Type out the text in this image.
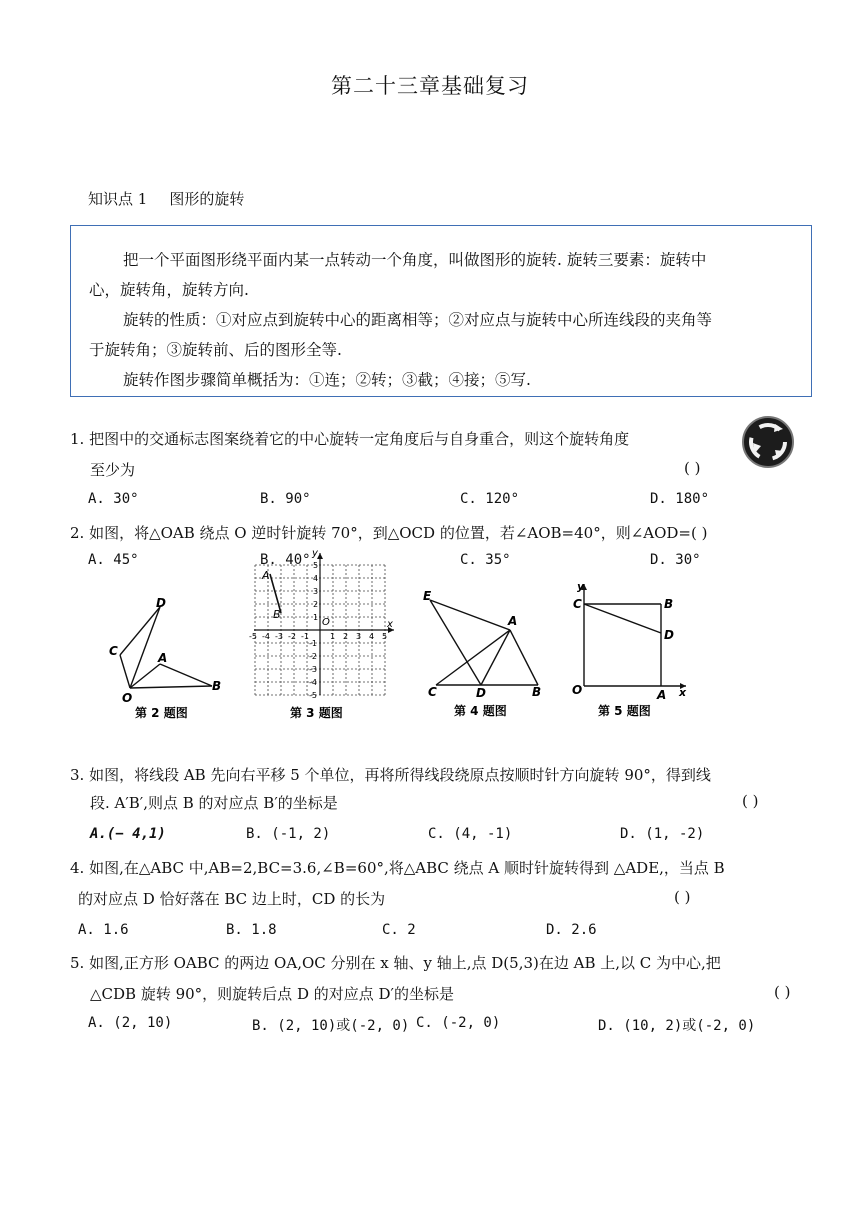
第二十三章基础复习
知识点 1 图形的旋转
把一个平面图形绕平面内某一点转动一个角度，叫做图形的旋转. 旋转三要素：旋转中
心，旋转角，旋转方向.
旋转的性质：①对应点到旋转中心的距离相等；②对应点与旋转中心所连线段的夹角等
于旋转角；③旋转前、后的图形全等.
旋转作图步骤简单概括为：①连；②转；③截；④接；⑤写.
1. 把图中的交通标志图案绕着它的中心旋转一定角度后与自身重合，则这个旋转角度
至少为	( )
A. 30°	B. 90°	C. 120°	D. 180°
2. 如图，将△OAB 绕点 O 逆时针旋转 70°，到△OCD 的位置，若∠AOB=40°，则∠AOD=( )
A. 45°	B. 40°	C. 35°	D. 30°
D
C	A
O
B
第 2 题图
-5 -4 -3 -2 -1	1 2 3 4 5
5
4
3
2
1
-1
-2
-3
-4
-5
y
x
O
A
B
第 3 题图
E
A
C	D	B
第 4 题图
y
C	B
D
O	A x
第 5 题图
3. 如图，将线段 AB 先向右平移 5 个单位，再将所得线段绕原点按顺时针方向旋转 90°，得到线
段. A′B′,则点 B 的对应点 B′的坐标是	( )
A.(− 4,1)	B. (-1, 2)	C. (4, -1)	D. (1, -2)
4. 如图,在△ABC 中,AB=2,BC=3.6,∠B=60°,将△ABC 绕点 A 顺时针旋转得到 △ADE,，当点 B
的对应点 D 恰好落在 BC 边上时，CD 的长为	( )
A. 1.6	B. 1.8	C. 2	D. 2.6
5. 如图,正方形 OABC 的两边 OA,OC 分别在 x 轴、y 轴上,点 D(5,3)在边 AB 上,以 C 为中心,把
△CDB 旋转 90°，则旋转后点 D 的对应点 D′的坐标是	( )
A. (2, 10)	B. (2, 10)或(-2, 0) C. (-2, 0)	D. (10, 2)或(-2, 0)
